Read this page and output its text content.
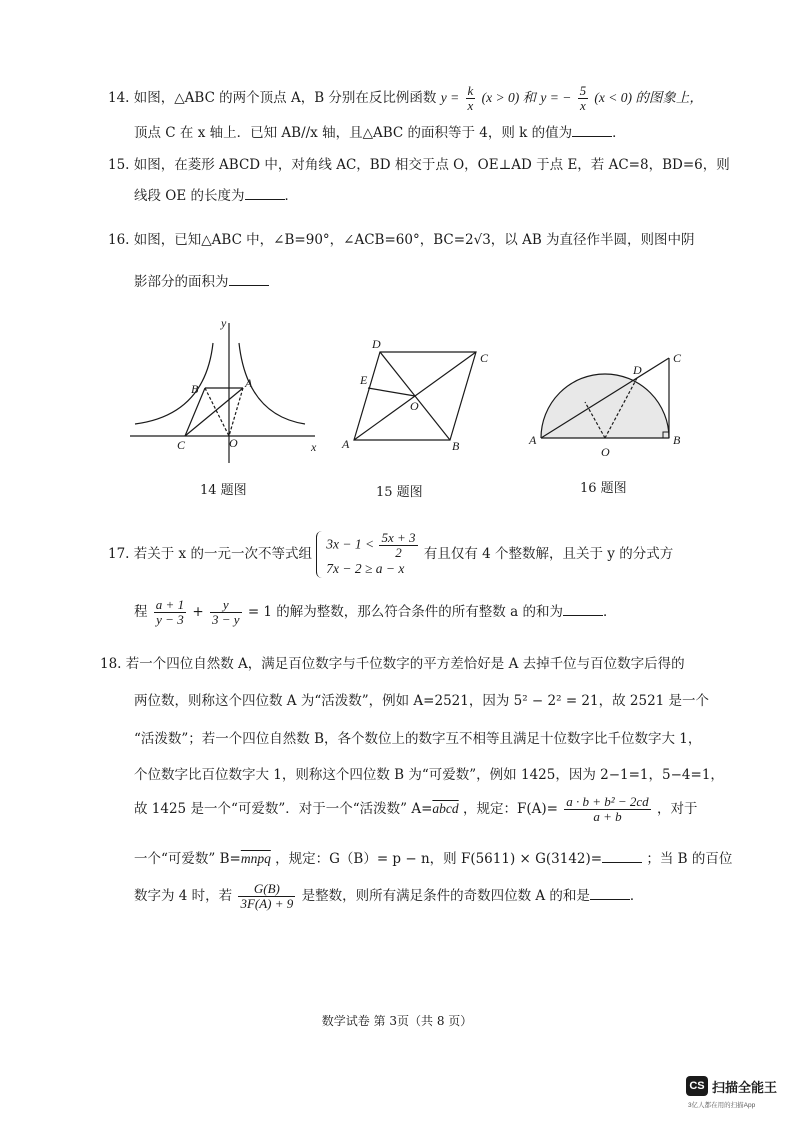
14. 如图，△ABC 的两个顶点 A，B 分别在反比例函数 $y = \frac{k}{x} (x > 0)$ 和 y = − $\frac{5}{x} (x < 0)$ 的图象上，
顶点 C 在 x 轴上．已知 AB//x 轴，且△ABC 的面积等于 4，则 k 的值为	．
15. 如图，在菱形 ABCD 中，对角线 AC，BD 相交于点 O，OE⊥AD 于点 E，若 AC=8，BD=6，则
线段 OE 的长度为	．
16. 如图，已知△ABC 中，∠B=90°，∠ACB=60°，BC=2√3，以 AB 为直径作半圆，则图中阴
影部分的面积为
y
x
A
B
C	O
14 题图
A	B
C
D
E
O
15 题图
A	B
C
D
O
16 题图
17. 若关于 x 的一元一次不等式组
$3x - 1 < \frac{5x + 3}{2}$
7x − 2 ≥ a − x
有且仅有 4 个整数解，且关于 y 的分式方
程 $\frac{a + 1}{y - 3} + \frac{y}{3 - y} = 1$ 的解为整数，那么符合条件的所有整数 a 的和为	．
18. 若一个四位自然数 A，满足百位数字与千位数字的平方差恰好是 A 去掉千位与百位数字后得的
两位数，则称这个四位数 A 为“活泼数”，例如 A=2521，因为 5² − 2² = 21，故 2521 是一个
“活泼数”；若一个四位自然数 B，各个数位上的数字互不相等且满足十位数字比千位数字大 1，
个位数字比百位数字大 1，则称这个四位数 B 为“可爱数”，例如 1425，因为 2−1=1，5−4=1，
故 1425 是一个“可爱数”．对于一个“活泼数” A=abcd ，规定：$F(A)= \frac{\text{a · b + b² − 2cd}}{a + b}$ ，对于
一个“可爱数” B=mnpq ，规定：G（B）= p − n，则 F(5611) × G(3142)=	；当 B 的百位
数字为 4 时，若 $\frac{G(B)}{3F(A) + 9}$ 是整数，则所有满足条件的奇数四位数 A 的和是	．
数学试卷 第 3页（共 8 页）
CS 扫描全能王
3亿人都在用的扫描App
